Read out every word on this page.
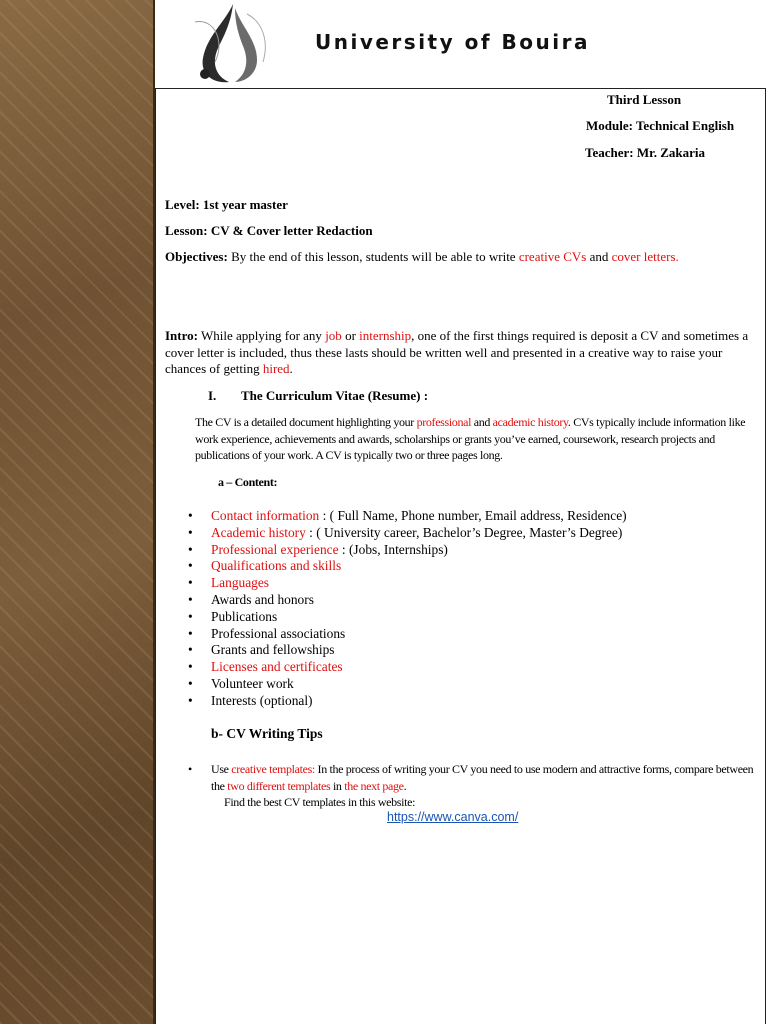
University of Bouira
Third Lesson
Module: Technical English
Teacher: Mr. Zakaria
Level: 1st year master
Lesson: CV & Cover letter Redaction
Objectives: By the end of this lesson, students will be able to write creative CVs and cover letters.
Intro: While applying for any job or internship, one of the first things required is deposit a CV and sometimes a cover letter is included, thus these lasts should be written well and presented in a creative way to raise your chances of getting hired.
I. The Curriculum Vitae (Resume) :
The CV is a detailed document highlighting your professional and academic history. CVs typically include information like work experience, achievements and awards, scholarships or grants you’ve earned, coursework, research projects and publications of your work. A CV is typically two or three pages long.
a – Content:
• Contact information : ( Full Name, Phone number, Email address, Residence)
• Academic history : ( University career, Bachelor’s Degree, Master’s Degree)
• Professional experience : (Jobs, Internships)
• Qualifications and skills
• Languages
• Awards and honors
• Publications
• Professional associations
• Grants and fellowships
• Licenses and certificates
• Volunteer work
• Interests (optional)
b- CV Writing Tips
•	Use creative templates: In the process of writing your CV you need to use modern and attractive forms, compare between the two different templates in the next page.
Find the best CV templates in this website:
https://www.canva.com/
